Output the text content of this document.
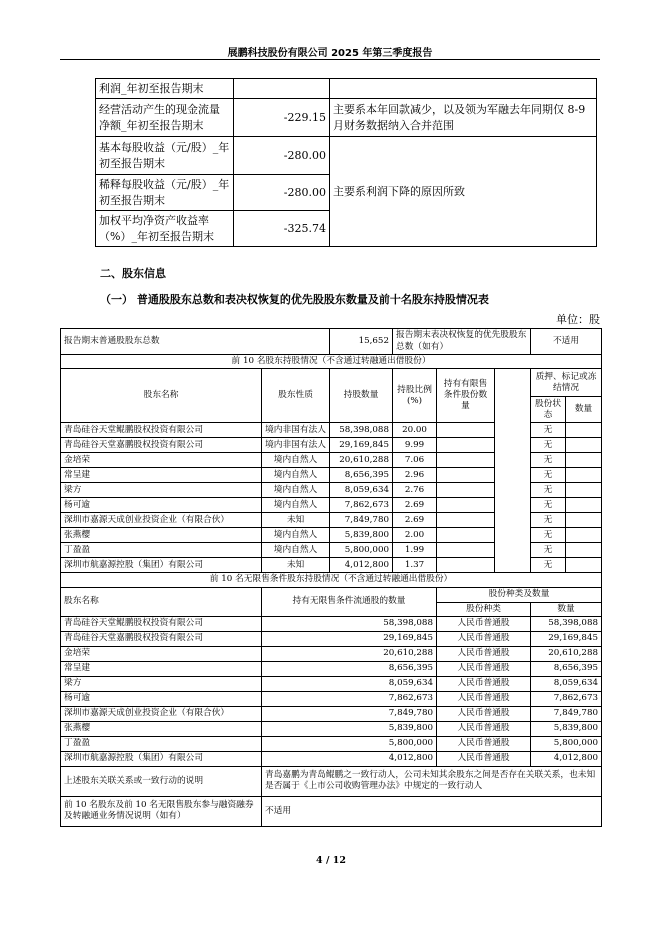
展鹏科技股份有限公司 2025 年第三季度报告
利润_年初至报告期末		
经营活动产生的现金流量净额_年初至报告期末	-229.15	主要系本年回款减少，以及领为军融去年同期仅 8-9 月财务数据纳入合并范围
基本每股收益（元/股）_年初至报告期末	-280.00	主要系利润下降的原因所致
稀释每股收益（元/股）_年初至报告期末	-280.00	
加权平均净资产收益率（%）_年初至报告期末	-325.74	
二、股东信息
（一） 普通股股东总数和表决权恢复的优先股股东数量及前十名股东持股情况表
单位：股
报告期末普通股股东总数		15,652	报告期末表决权恢复的优先股股东总数（如有）			不适用	
前 10 名股东持股情况（不含通过转融通出借股份）							
股东名称	股东性质	持股数量	持股比例(%)	持有有限售条件股份数量		质押、标记或冻结情况	
						股份状态	数量
青岛硅谷天堂鲲鹏股权投资有限公司	境内非国有法人	58,398,088	20.00			无	
青岛硅谷天堂嘉鹏股权投资有限公司	境内非国有法人	29,169,845	9.99			无	
金培荣	境内自然人	20,610,288	7.06			无	
常呈建	境内自然人	8,656,395	2.96			无	
梁方	境内自然人	8,059,634	2.76			无	
杨可逾	境内自然人	7,862,673	2.69			无	
深圳市嘉源天成创业投资企业（有限合伙）	未知	7,849,780	2.69			无	
张燕樱	境内自然人	5,839,800	2.00			无	
丁盈盈	境内自然人	5,800,000	1.99			无	
深圳市航嘉源控股（集团）有限公司	未知	4,012,800	1.37			无	
前 10 名无限售条件股东持股情况（不含通过转融通出借股份）							
股东名称	持有无限售条件流通股的数量			股份种类及数量			
				股份种类		数量	
青岛硅谷天堂鲲鹏股权投资有限公司	58,398,088			人民币普通股		58,398,088	
青岛硅谷天堂嘉鹏股权投资有限公司	29,169,845			人民币普通股		29,169,845	
金培荣	20,610,288			人民币普通股		20,610,288	
常呈建	8,656,395			人民币普通股		8,656,395	
梁方	8,059,634			人民币普通股		8,059,634	
杨可逾	7,862,673			人民币普通股		7,862,673	
深圳市嘉源天成创业投资企业（有限合伙）	7,849,780			人民币普通股		7,849,780	
张燕樱	5,839,800			人民币普通股		5,839,800	
丁盈盈	5,800,000			人民币普通股		5,800,000	
深圳市航嘉源控股（集团）有限公司	4,012,800			人民币普通股		4,012,800	
上述股东关联关系或一致行动的说明	青岛嘉鹏为青岛鲲鹏之一致行动人，公司未知其余股东之间是否存在关联关系，也未知是否属于《上市公司收购管理办法》中规定的一致行动人						
前 10 名股东及前 10 名无限售股东参与融资融券及转融通业务情况说明（如有）	不适用						
4 / 12
